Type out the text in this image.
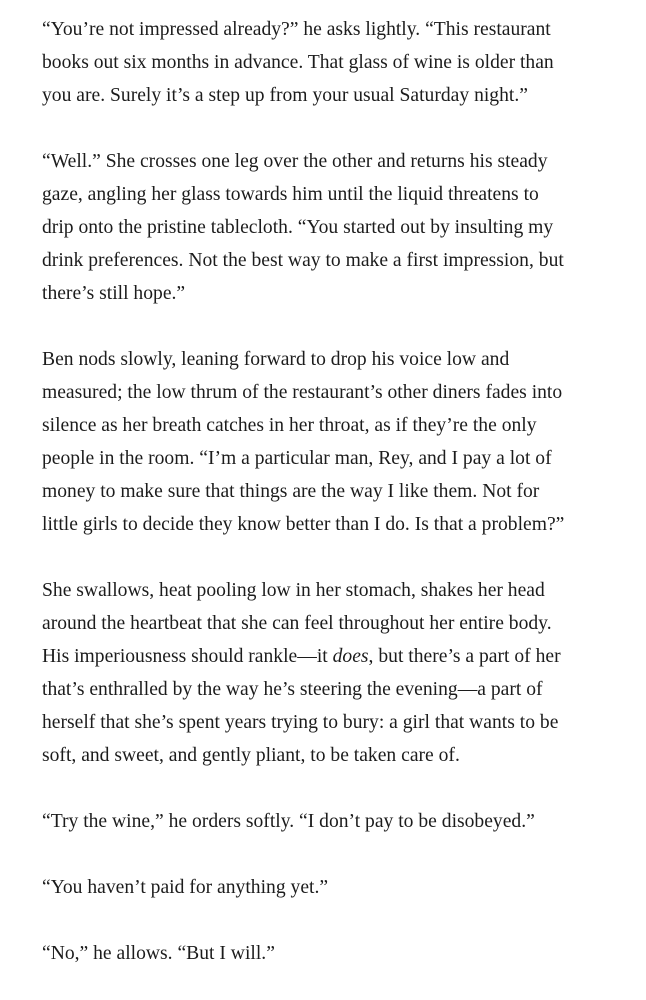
“You’re not impressed already?” he asks lightly. “This restaurant
books out six months in advance. That glass of wine is older than
you are. Surely it’s a step up from your usual Saturday night.”

“Well.” She crosses one leg over the other and returns his steady
gaze, angling her glass towards him until the liquid threatens to
drip onto the pristine tablecloth. “You started out by insulting my
drink preferences. Not the best way to make a first impression, but
there’s still hope.”

Ben nods slowly, leaning forward to drop his voice low and
measured; the low thrum of the restaurant’s other diners fades into
silence as her breath catches in her throat, as if they’re the only
people in the room. “I’m a particular man, Rey, and I pay a lot of
money to make sure that things are the way I like them. Not for
little girls to decide they know better than I do. Is that a problem?”

She swallows, heat pooling low in her stomach, shakes her head
around the heartbeat that she can feel throughout her entire body.
His imperiousness should rankle—it does, but there’s a part of her
that’s enthralled by the way he’s steering the evening—a part of
herself that she’s spent years trying to bury: a girl that wants to be
soft, and sweet, and gently pliant, to be taken care of.

“Try the wine,” he orders softly. “I don’t pay to be disobeyed.”

“You haven’t paid for anything yet.”

“No,” he allows. “But I will.”
